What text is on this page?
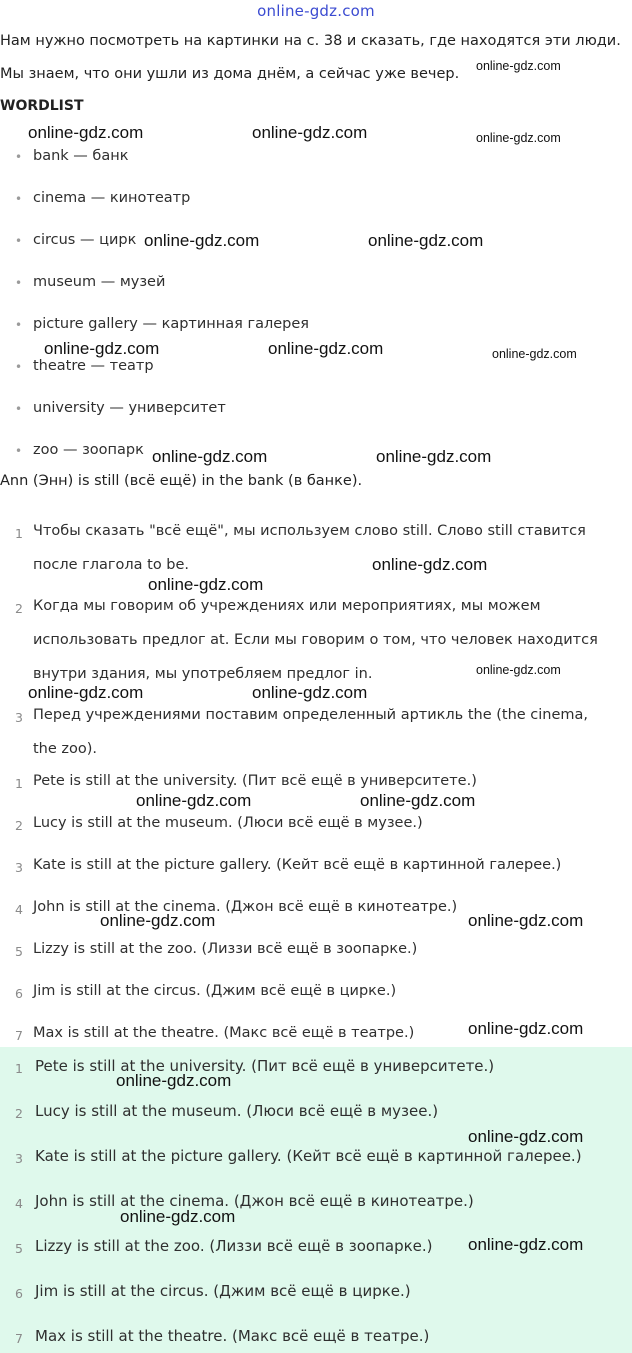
online-gdz.com
Нам нужно посмотреть на картинки на с. 38 и сказать, где находятся эти люди.
Мы знаем, что они ушли из дома днём, а сейчас уже вечер.
WORDLIST
• bank — банк
• cinema — кинотеатр
• circus — цирк
• museum — музей
• picture gallery — картинная галерея
• theatre — театр
• university — университет
• zoo — зоопарк
Ann (Энн) is still (всё ещё) in the bank (в банке).
1 Чтобы сказать "всё ещё", мы используем слово still. Слово still ставится
после глагола to be.
2 Когда мы говорим об учреждениях или мероприятиях, мы можем
использовать предлог at. Если мы говорим о том, что человек находится
внутри здания, мы употребляем предлог in.
3 Перед учреждениями поставим определенный артикль the (the cinema,
the zoo).
1 Pete is still at the university. (Пит всё ещё в университете.)
2 Lucy is still at the museum. (Люси всё ещё в музее.)
3 Kate is still at the picture gallery. (Кейт всё ещё в картинной галерее.)
4 John is still at the cinema. (Джон всё ещё в кинотеатре.)
5 Lizzy is still at the zoo. (Лиззи всё ещё в зоопарке.)
6 Jim is still at the circus. (Джим всё ещё в цирке.)
7 Max is still at the theatre. (Макс всё ещё в театре.)
1 Pete is still at the university. (Пит всё ещё в университете.)
2 Lucy is still at the museum. (Люси всё ещё в музее.)
3 Kate is still at the picture gallery. (Кейт всё ещё в картинной галерее.)
4 John is still at the cinema. (Джон всё ещё в кинотеатре.)
5 Lizzy is still at the zoo. (Лиззи всё ещё в зоопарке.)
6 Jim is still at the circus. (Джим всё ещё в цирке.)
7 Max is still at the theatre. (Макс всё ещё в театре.)
online-gdz.com	online-gdz.com
online-gdz.com	online-gdz.com
online-gdz.com	online-gdz.com
online-gdz.com	online-gdz.com
online-gdz.com
online-gdz.com
online-gdz.com	online-gdz.com
online-gdz.com	online-gdz.com
online-gdz.com	online-gdz.com
online-gdz.com
online-gdz.com
online-gdz.com
online-gdz.com
online-gdz.com
online-gdz.com
online-gdz.com
online-gdz.com
online-gdz.com
